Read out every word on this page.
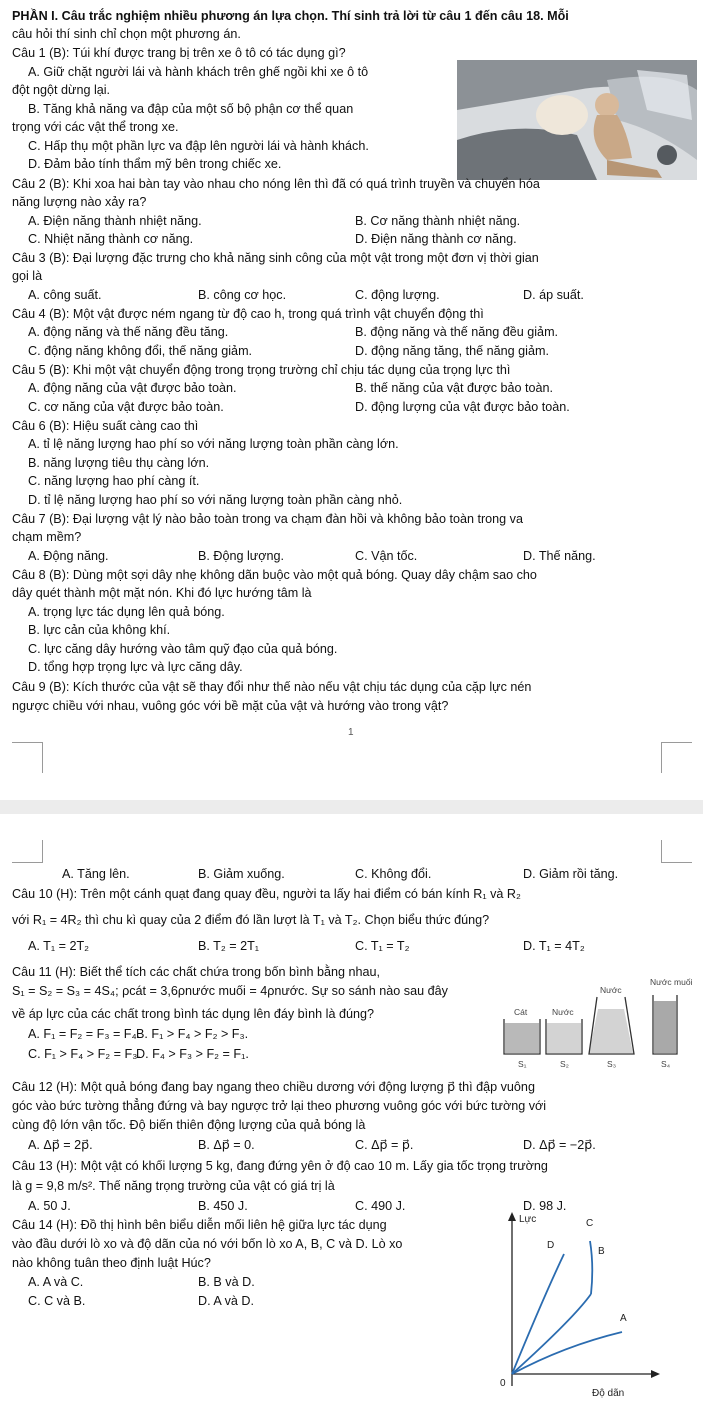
PHẦN I. Câu trắc nghiệm nhiều phương án lựa chọn. Thí sinh trả lời từ câu 1 đến câu 18. Mỗi
câu hỏi thí sinh chỉ chọn một phương án.
Câu 1 (B): Túi khí được trang bị trên xe ô tô có tác dụng gì?
A. Giữ chặt người lái và hành khách trên ghế ngồi khi xe ô tô
đột ngột dừng lại.
B. Tăng khả năng va đập của một số bộ phận cơ thể quan
trọng với các vật thể trong xe.
C. Hấp thụ một phần lực va đập lên người lái và hành khách.
D. Đảm bảo tính thẩm mỹ bên trong chiếc xe.
Câu 2 (B): Khi xoa hai bàn tay vào nhau cho nóng lên thì đã có quá trình truyền và chuyển hóa
năng lượng nào xảy ra?
A. Điện năng thành nhiệt năng.	B. Cơ năng thành nhiệt năng.
C. Nhiệt năng thành cơ năng.	D. Điện năng thành cơ năng.
Câu 3 (B): Đại lượng đặc trưng cho khả năng sinh công của một vật trong một đơn vị thời gian
gọi là
A. công suất.	B. công cơ học.	C. động lượng.	D. áp suất.
Câu 4 (B): Một vật được ném ngang từ độ cao h, trong quá trình vật chuyển động thì
A. động năng và thế năng đều tăng.	B. động năng và thế năng đều giảm.
C. động năng không đổi, thế năng giảm.	D. động năng tăng, thế năng giảm.
Câu 5 (B): Khi một vật chuyển động trong trọng trường chỉ chịu tác dụng của trọng lực thì
A. động năng của vật được bảo toàn.	B. thế năng của vật được bảo toàn.
C. cơ năng của vật được bảo toàn.	D. động lượng của vật được bảo toàn.
Câu 6 (B): Hiệu suất càng cao thì
A. tỉ lệ năng lượng hao phí so với năng lượng toàn phần càng lớn.
B. năng lượng tiêu thụ càng lớn.
C. năng lượng hao phí càng ít.
D. tỉ lệ năng lượng hao phí so với năng lượng toàn phần càng nhỏ.
Câu 7 (B): Đại lượng vật lý nào bảo toàn trong va chạm đàn hồi và không bảo toàn trong va
chạm mềm?
A. Động năng.	B. Động lượng.	C. Vận tốc.	D. Thế năng.
Câu 8 (B): Dùng một sợi dây nhẹ không dãn buộc vào một quả bóng. Quay dây chậm sao cho
dây quét thành một mặt nón. Khi đó lực hướng tâm là
A. trọng lực tác dụng lên quả bóng.
B. lực cản của không khí.
C. lực căng dây hướng vào tâm quỹ đạo của quả bóng.
D. tổng hợp trọng lực và lực căng dây.
Câu 9 (B): Kích thước của vật sẽ thay đổi như thế nào nếu vật chịu tác dụng của cặp lực nén
ngược chiều với nhau, vuông góc với bề mặt của vật và hướng vào trong vật?
1
A. Tăng lên.	B. Giảm xuống.	C. Không đổi.	D. Giảm rồi tăng.
Câu 10 (H): Trên một cánh quạt đang quay đều, người ta lấy hai điểm có bán kính R₁ và R₂
với R₁ = 4R₂ thì chu kì quay của 2 điểm đó lần lượt là T₁ và T₂. Chọn biểu thức đúng?
A. T₁ = 2T₂	B. T₂ = 2T₁	C. T₁ = T₂	D. T₁ = 4T₂
Câu 11 (H): Biết thể tích các chất chứa trong bốn bình bằng nhau,
S₁ = S₂ = S₃ = 4S₄; ρcát = 3,6ρnước muối = 4ρnước. Sự so sánh nào sau đây
về áp lực của các chất trong bình tác dụng lên đáy bình là đúng?
A. F₁ = F₂ = F₃ = F₄.
B. F₁ > F₄ > F₂ > F₃.
C. F₁ > F₄ > F₂ = F₃.
D. F₄ > F₃ > F₂ = F₁.
Nước muối
Nước
Cát	Nước
S₁	S₂	S₃	S₄
Câu 12 (H): Một quả bóng đang bay ngang theo chiều dương với động lượng p⃗ thì đập vuông
góc vào bức tường thẳng đứng và bay ngược trở lại theo phương vuông góc với bức tường với
cùng độ lớn vận tốc. Độ biến thiên động lượng của quả bóng là
A. Δp⃗ = 2p⃗.	B. Δp⃗ = 0.	C. Δp⃗ = p⃗.	D. Δp⃗ = −2p⃗.
Câu 13 (H): Một vật có khối lượng 5 kg, đang đứng yên ở độ cao 10 m. Lấy gia tốc trọng trường
là g = 9,8 m/s². Thế năng trọng trường của vật có giá trị là
A. 50 J.	B. 450 J.	C. 490 J.	D. 98 J.
Câu 14 (H): Đồ thị hình bên biểu diễn mối liên hệ giữa lực tác dụng
vào đầu dưới lò xo và độ dãn của nó với bốn lò xo A, B, C và D. Lò xo
nào không tuân theo định luật Húc?
A. A và C.	B. B và D.
C. C và B.	D. A và D.
Lực
Độ dãn
0
C
D
B
A
